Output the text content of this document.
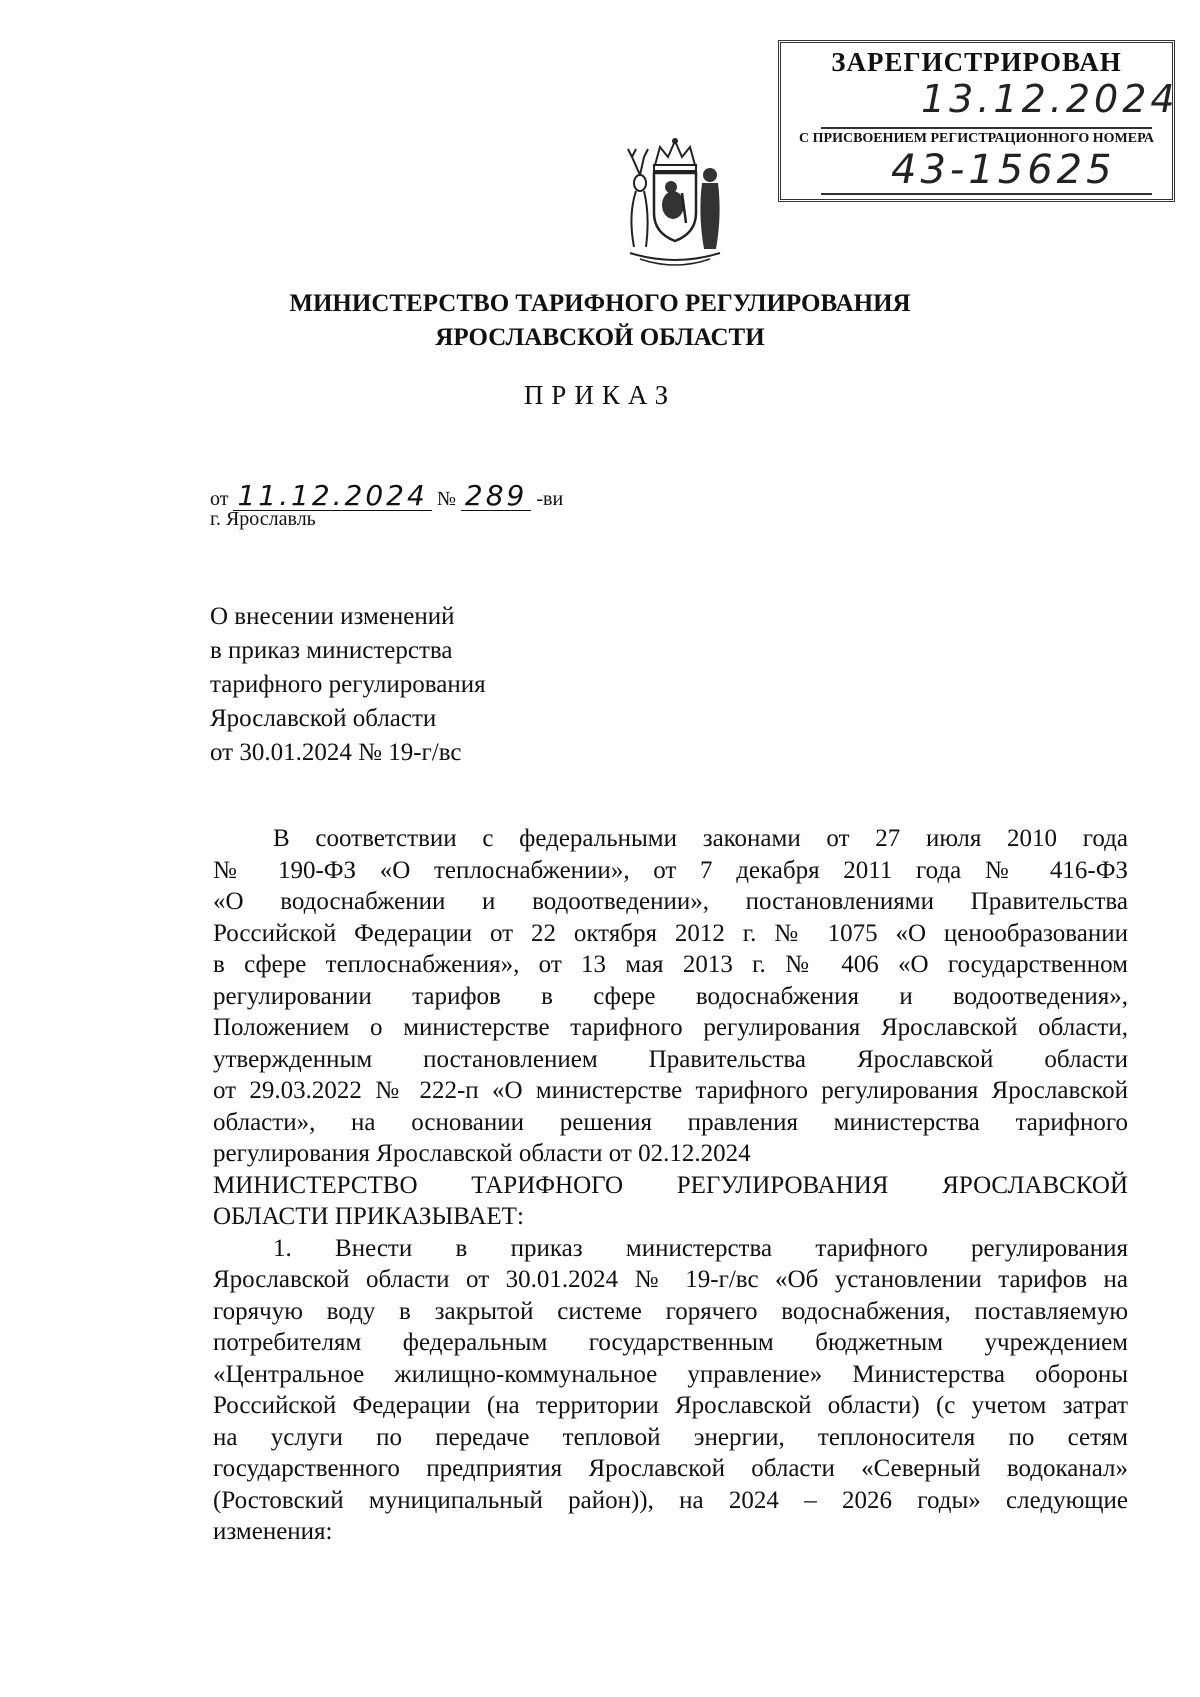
ЗАРЕГИСТРИРОВАН
13.12.2024
С ПРИСВОЕНИЕМ РЕГИСТРАЦИОННОГО НОМЕРА
43-15625
МИНИСТЕРСТВО ТАРИФНОГО РЕГУЛИРОВАНИЯ
ЯРОСЛАВСКОЙ ОБЛАСТИ
ПРИКАЗ
от 11.12.2024 № 289 -ви
г. Ярославль
О внесении изменений
в приказ министерства
тарифного регулирования
Ярославской области
от 30.01.2024 № 19-г/вс

В соответствии с федеральными законами от 27 июля 2010 года

№ 190-ФЗ «О теплоснабжении», от 7 декабря 2011 года № 416-ФЗ

«О водоснабжении и водоотведении», постановлениями Правительства

Российской Федерации от 22 октября 2012 г. № 1075 «О ценообразовании

в сфере теплоснабжения», от 13 мая 2013 г. № 406 «О государственном

регулировании тарифов в сфере водоснабжения и водоотведения»,

Положением о министерстве тарифного регулирования Ярославской области,

утвержденным постановлением Правительства Ярославской области

от 29.03.2022 № 222-п «О министерстве тарифного регулирования Ярославской

области», на основании решения правления министерства тарифного

регулирования Ярославской области от 02.12.2024

МИНИСТЕРСТВО ТАРИФНОГО РЕГУЛИРОВАНИЯ ЯРОСЛАВСКОЙ

ОБЛАСТИ ПРИКАЗЫВАЕТ:

1. Внести в приказ министерства тарифного регулирования

Ярославской области от 30.01.2024 № 19-г/вс «Об установлении тарифов на

горячую воду в закрытой системе горячего водоснабжения, поставляемую

потребителям федеральным государственным бюджетным учреждением

«Центральное жилищно-коммунальное управление» Министерства обороны

Российской Федерации (на территории Ярославской области) (с учетом затрат

на услуги по передаче тепловой энергии, теплоносителя по сетям

государственного предприятия Ярославской области «Северный водоканал»

(Ростовский муниципальный район)), на 2024 – 2026 годы» следующие

изменения:
